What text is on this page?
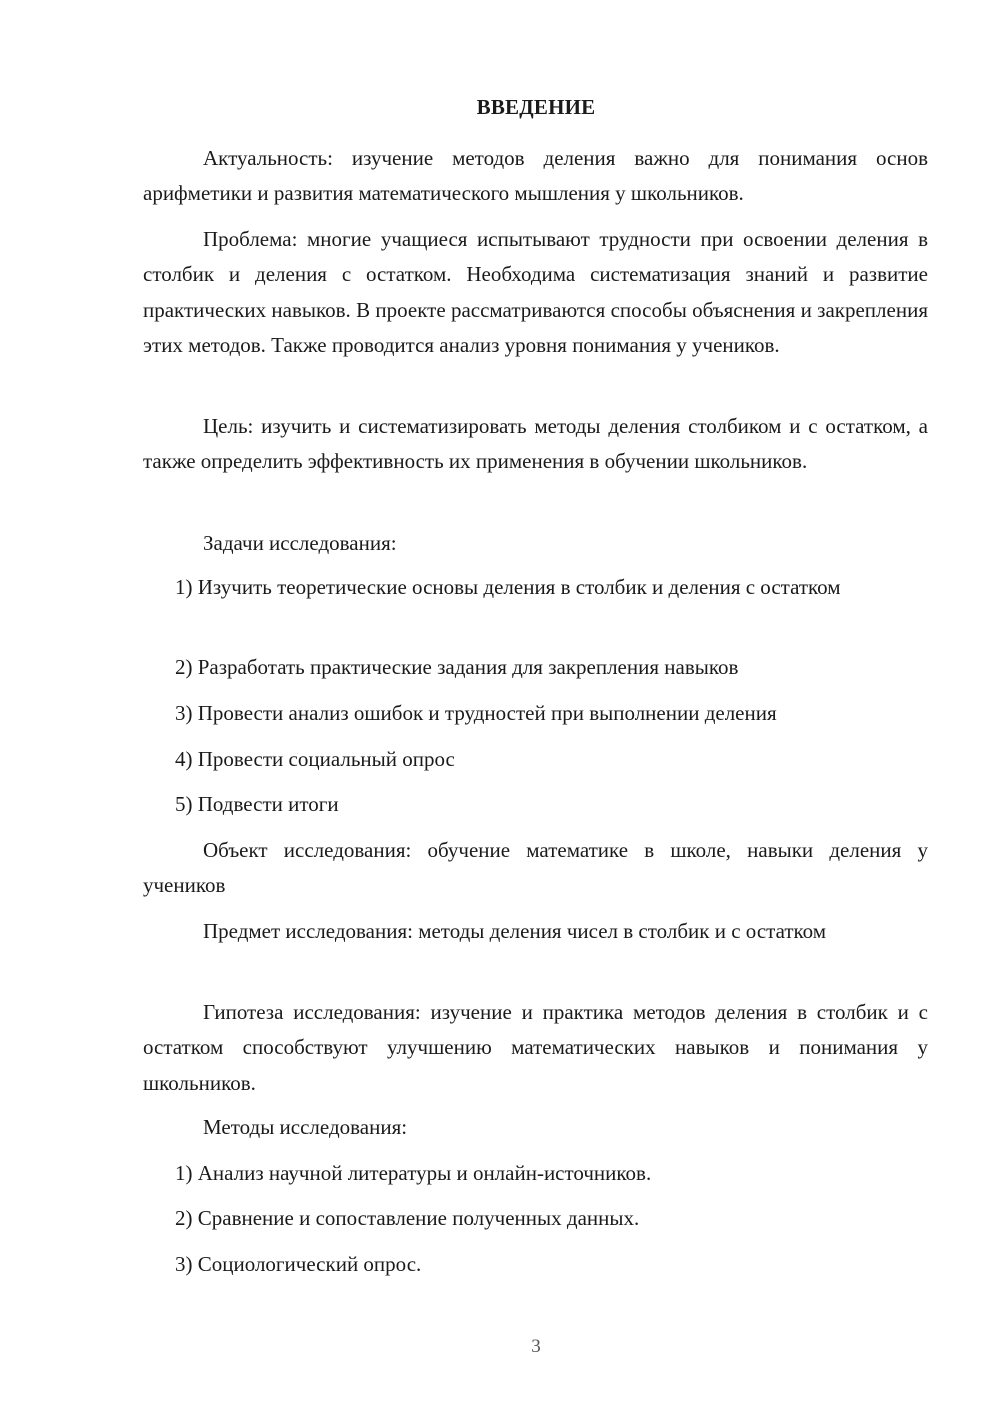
ВВЕДЕНИЕ

Актуальность: изучение методов деления важно для понимания основ арифметики и развития математического мышления у школьников.

Проблема: многие учащиеся испытывают трудности при освоении деления в столбик и деления с остатком. Необходима систематизация знаний и развитие практических навыков. В проекте рассматриваются способы объяснения и закрепления этих методов. Также проводится анализ уровня понимания у учеников.

Цель: изучить и систематизировать методы деления столбиком и с остатком, а также определить эффективность их применения в обучении школьников.

Задачи исследования:

1) Изучить теоретические основы деления в столбик и деления с остатком

2) Разработать практические задания для закрепления навыков

3) Провести анализ ошибок и трудностей при выполнении деления

4) Провести социальный опрос

5) Подвести итоги

Объект исследования: обучение математике в школе, навыки деления у учеников

Предмет исследования: методы деления чисел в столбик и с остатком

Гипотеза исследования: изучение и практика методов деления в столбик и с остатком способствуют улучшению математических навыков и понимания у школьников.

Методы исследования:

1) Анализ научной литературы и онлайн-источников.

2) Сравнение и сопоставление полученных данных.

3) Социологический опрос.

3
